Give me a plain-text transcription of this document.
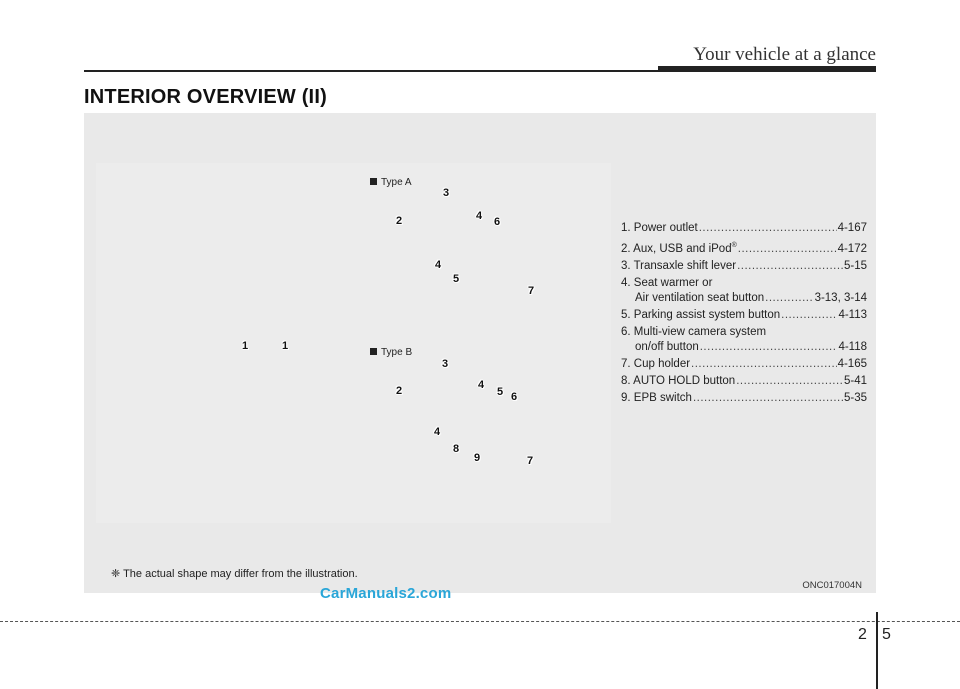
Your vehicle at a glance
INTERIOR OVERVIEW (II)
Type A
Type B
1	1
3
2	4 6
4
5
7
3
2	4
5 6
4
8
9	7
1. Power outlet .....	4-167
2. Aux, USB and iPod® .....	4-172
3. Transaxle shift lever .....	5-15
4. Seat warmer or
Air ventilation seat button .....	3-13, 3-14
5. Parking assist system button .....	4-113
6. Multi-view camera system
on/off button .....	4-118
7. Cup holder .....	4-165
8. AUTO HOLD button .....	5-41
9. EPB switch .....	5-35
❈ The actual shape may differ from the illustration.
ONC017004N
CarManuals2.com
2 5
